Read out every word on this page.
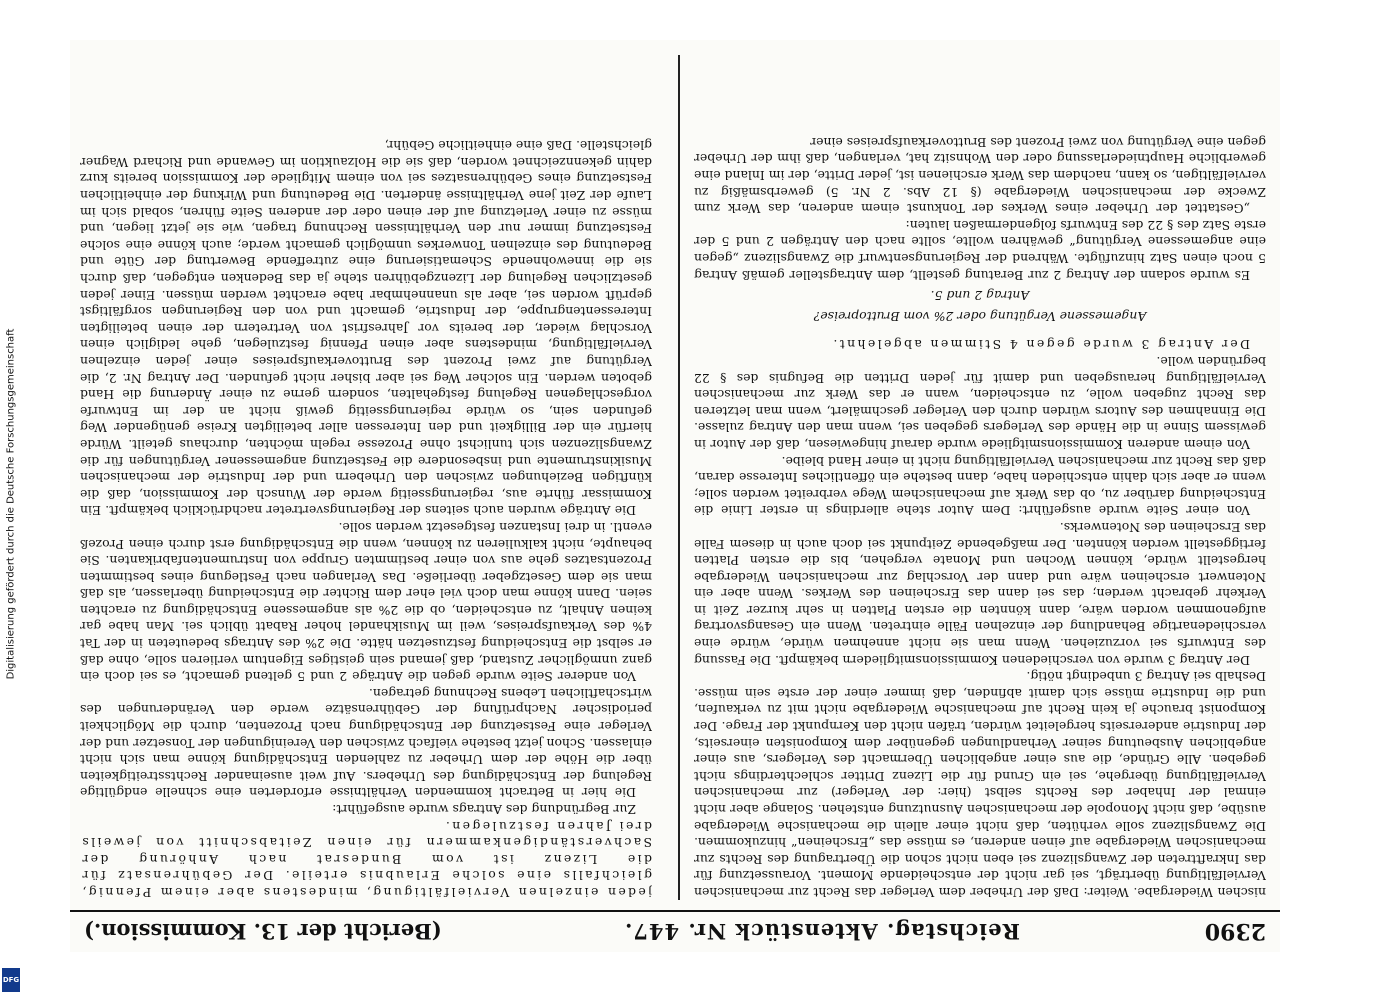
Digitalisierung gefördert durch die Deutsche Forschungsgemeinschaft
DFG
2390
Reichstag. Aktenstück Nr. 447.
(Bericht der 13. Kommission.)

nischen Wiedergabe. Weiter: Daß der Urheber dem Verleger das Recht zur mechanischen Vervielfältigung überträgt, sei gar nicht der entscheidende Moment. Voraussetzung für das Inkrafttreten der Zwangslizenz sei eben nicht schon die Übertragung des Rechts zur mechanischen Wiedergabe auf einen anderen, es müsse das „Erscheinen“ hinzukommen. Die Zwangslizenz solle verhüten, daß nicht einer allein die mechanische Wiedergabe ausübe, daß nicht Monopole der mechanischen Ausnutzung entstehen. Solange aber nicht einmal der Inhaber des Rechts selbst (hier: der Verleger) zur mechanischen Vervielfältigung übergehe, sei ein Grund für die Lizenz Dritter schlechterdings nicht gegeben. Alle Gründe, die aus einer angeblichen Übermacht des Verlegers, aus einer angeblichen Ausbeutung seiner Verhandlungen gegenüber dem Komponisten einerseits, der Industrie andererseits hergeleitet würden, träfen nicht den Kernpunkt der Frage. Der Komponist brauche ja kein Recht auf mechanische Wiedergabe nicht mit zu verkaufen, und die Industrie müsse sich damit abfinden, daß immer einer der erste sein müsse. Deshalb sei Antrag 3 unbedingt nötig.

Der Antrag 3 wurde von verschiedenen Kommissionsmitgliedern bekämpft. Die Fassung des Entwurfs sei vorzuziehen. Wenn man sie nicht annehmen würde, würde eine verschiedenartige Behandlung der einzelnen Fälle eintreten. Wenn ein Gesangsvortrag aufgenommen worden wäre, dann könnten die ersten Platten in sehr kurzer Zeit in Verkehr gebracht werden; das sei dann das Erscheinen des Werkes. Wenn aber ein Notenwert erscheinen wäre und dann der Vorschlag zur mechanischen Wiedergabe hergestellt würde, können Wochen und Monate vergehen, bis die ersten Platten fertiggestellt werden könnten. Der maßgebende Zeitpunkt sei doch auch in diesem Falle das Erscheinen des Notenwerks.

Von einer Seite wurde ausgeführt: Dem Autor stehe allerdings in erster Linie die Entscheidung darüber zu, ob das Werk auf mechanischem Wege verbreitet werden solle; wenn er aber sich dahin entschieden habe, dann bestehe ein öffentliches Interesse daran, daß das Recht zur mechanischen Vervielfältigung nicht in einer Hand bleibe.

Von einem anderen Kommissionsmitgliede wurde darauf hingewiesen, daß der Autor in gewissem Sinne in die Hände des Verlegers gegeben sei, wenn man den Antrag zulasse. Die Einnahmen des Autors würden durch den Verleger geschmälert, wenn man letzteren das Recht zugeben wolle, zu entscheiden, wann er das Werk zur mechanischen Vervielfältigung herausgeben und damit für jeden Dritten die Befugnis des § 22 begründen wolle.

Der Antrag 3 wurde gegen 4 Stimmen abgelehnt.

Angemessene Vergütung oder 2% vom Bruttopreise?
Antrag 2 und 5.

Es wurde sodann der Antrag 2 zur Beratung gestellt, dem Antragsteller gemäß Antrag 5 noch einen Satz hinzufügte. Während der Regierungsentwurf die Zwangslizenz „gegen eine angemessene Vergütung“ gewähren wollte, sollte nach den Anträgen 2 und 5 der erste Satz des § 22 des Entwurfs folgendermaßen lauten:

„Gestattet der Urheber eines Werkes der Tonkunst einem anderen, das Werk zum Zwecke der mechanischen Wiedergabe (§ 12 Abs. 2 Nr. 5) gewerbsmäßig zu vervielfältigen, so kann, nachdem das Werk erschienen ist, jeder Dritte, der im Inland eine gewerbliche Hauptniederlassung oder den Wohnsitz hat, verlangen, daß ihm der Urheber gegen eine Vergütung von zwei Prozent des Bruttoverkaufspreises einer

jeden einzelnen Vervielfältigung, mindestens aber einem Pfennig, gleichfalls eine solche Erlaubnis erteile. Der Gebührensatz für die Lizenz ist vom Bundesrat nach Anhörung der Sachverständigenkammern für einen Zeitabschnitt von jeweils drei Jahren festzulegen.

Zur Begründung des Antrags wurde ausgeführt:

Die hier in Betracht kommenden Verhältnisse erforderten eine schnelle endgültige Regelung der Entschädigung des Urhebers. Auf weit auseinander Rechtsstreitigkeiten über die Höhe der dem Urheber zu zahlenden Entschädigung könne man sich nicht einlassen. Schon jetzt bestehe vielfach zwischen den Vereinigungen der Tonsetzer und der Verleger eine Festsetzung der Entschädigung nach Prozenten, durch die Möglichkeit periodischer Nachprüfung der Gebührensätze werde den Veränderungen des wirtschaftlichen Lebens Rechnung getragen.

Von anderer Seite wurde gegen die Anträge 2 und 5 geltend gemacht, es sei doch ein ganz unmöglicher Zustand, daß jemand sein geistiges Eigentum verlieren solle, ohne daß er selbst die Entscheidung festzusetzen hätte. Die 2% des Antrags bedeuteten in der Tat 4% des Verkaufspreises, weil im Musikhandel hoher Rabatt üblich sei. Man habe gar keinen Anhalt, zu entscheiden, ob die 2% als angemessene Entschädigung zu erachten seien. Dann könne man doch viel eher dem Richter die Entscheidung überlassen, als daß man sie dem Gesetzgeber überließe. Das Verlangen nach Festlegung eines bestimmten Prozentsatzes gehe aus von einer bestimmten Gruppe von Instrumentenfabrikanten. Sie behaupte, nicht kalkulieren zu können, wenn die Entschädigung erst durch einen Prozeß eventl. in drei Instanzen festgesetzt werden solle.

Die Anträge wurden auch seitens der Regierungsvertreter nachdrücklich bekämpft. Ein Kommissar führte aus, regierungsseitig werde der Wunsch der Kommission, daß die künftigen Beziehungen zwischen den Urhebern und der Industrie der mechanischen Musikinstrumente und insbesondere die Festsetzung angemessener Vergütungen für die Zwangslizenzen sich tunlichst ohne Prozesse regeln möchten, durchaus geteilt. Würde hierfür ein der Billigkeit und den Interessen aller beteiligten Kreise genügender Weg gefunden sein, so würde regierungsseitig gewiß nicht an der im Entwurfe vorgeschlagenen Regelung festgehalten, sondern gerne zu einer Änderung die Hand geboten werden. Ein solcher Weg sei aber bisher nicht gefunden. Der Antrag Nr. 2, die Vergütung auf zwei Prozent des Bruttoverkaufspreises einer jeden einzelnen Vervielfältigung, mindestens aber einen Pfennig festzulegen, gehe lediglich einen Vorschlag wieder, der bereits vor Jahresfrist von Vertretern der einen beteiligten Interessentengruppe, der Industrie, gemacht und von den Regierungen sorgfältigst geprüft worden sei, aber als unannehmbar habe erachtet werden müssen. Einer jeden gesetzlichen Regelung der Lizenzgebühren stehe ja das Bedenken entgegen, daß durch sie die innewohnende Schematisierung eine zutreffende Bewertung der Güte und Bedeutung des einzelnen Tonwerkes unmöglich gemacht werde; auch könne eine solche Festsetzung immer nur den Verhältnissen Rechnung tragen, wie sie jetzt liegen, und müsse zu einer Verletzung auf der einen oder der anderen Seite führen, sobald sich im Laufe der Zeit jene Verhältnisse änderten. Die Bedeutung und Wirkung der einheitlichen Festsetzung eines Gebührensatzes sei von einem Mitgliede der Kommission bereits kurz dahin gekennzeichnet worden, daß sie die Holzauktion im Gewande und Richard Wagner gleichstelle. Daß eine einheitliche Gebühr,
